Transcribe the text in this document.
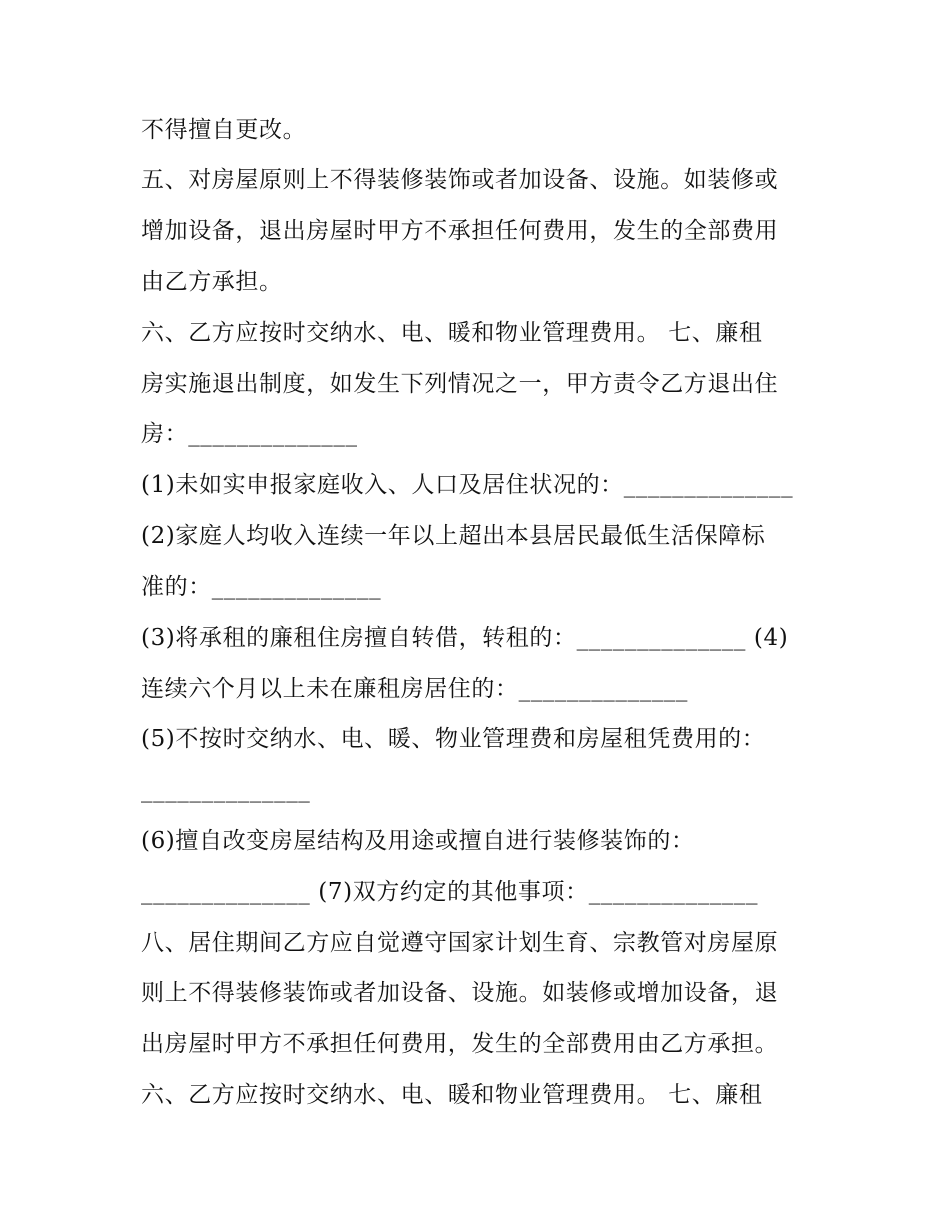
不得擅自更改。
五、对房屋原则上不得装修装饰或者加设备、设施。如装修或
增加设备，退出房屋时甲方不承担任何费用，发生的全部费用
由乙方承担。
六、乙方应按时交纳水、电、暖和物业管理费用。 七、廉租
房实施退出制度，如发生下列情况之一，甲方责令乙方退出住
房：______________
(1)未如实申报家庭收入、人口及居住状况的：______________
(2)家庭人均收入连续一年以上超出本县居民最低生活保障标
准的：______________
(3)将承租的廉租住房擅自转借，转租的：______________ (4)
连续六个月以上未在廉租房居住的：______________
(5)不按时交纳水、电、暖、物业管理费和房屋租凭费用的：
______________
(6)擅自改变房屋结构及用途或擅自进行装修装饰的：
______________ (7)双方约定的其他事项：______________
八、居住期间乙方应自觉遵守国家计划生育、宗教管对房屋原
则上不得装修装饰或者加设备、设施。如装修或增加设备，退
出房屋时甲方不承担任何费用，发生的全部费用由乙方承担。
六、乙方应按时交纳水、电、暖和物业管理费用。 七、廉租
